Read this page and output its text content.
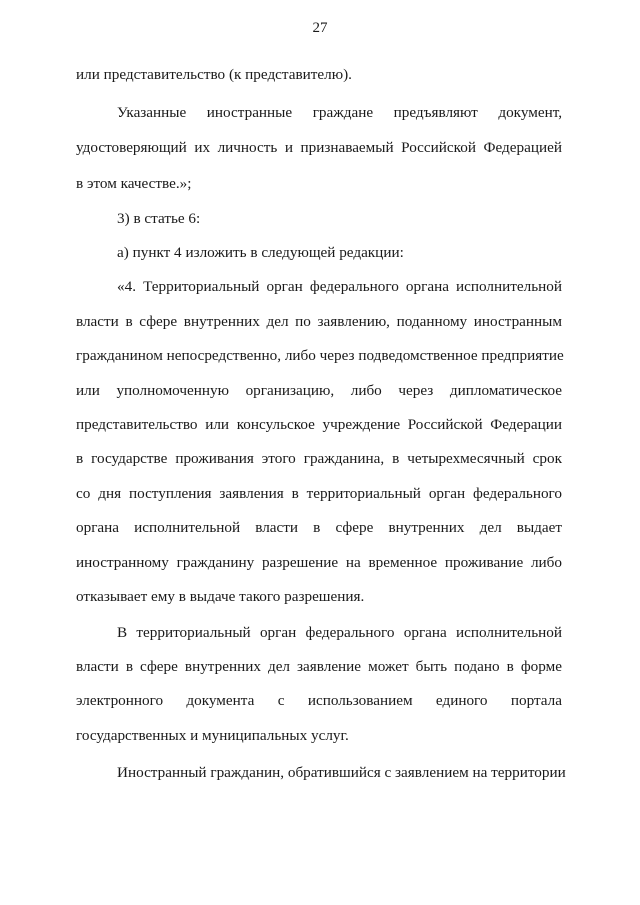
27
или представительство (к представителю).
Указанные иностранные граждане предъявляют документ,
удостоверяющий их личность и признаваемый Российской Федерацией
в этом качестве.»;
3) в статье 6:
а) пункт 4 изложить в следующей редакции:
«4. Территориальный орган федерального органа исполнительной
власти в сфере внутренних дел по заявлению, поданному иностранным
гражданином непосредственно, либо через подведомственное предприятие
или уполномоченную организацию, либо через дипломатическое
представительство или консульское учреждение Российской Федерации
в государстве проживания этого гражданина, в четырехмесячный срок
со дня поступления заявления в территориальный орган федерального
органа исполнительной власти в сфере внутренних дел выдает
иностранному гражданину разрешение на временное проживание либо
отказывает ему в выдаче такого разрешения.
В территориальный орган федерального органа исполнительной
власти в сфере внутренних дел заявление может быть подано в форме
электронного документа с использованием единого портала
государственных и муниципальных услуг.
Иностранный гражданин, обратившийся с заявлением на территории
